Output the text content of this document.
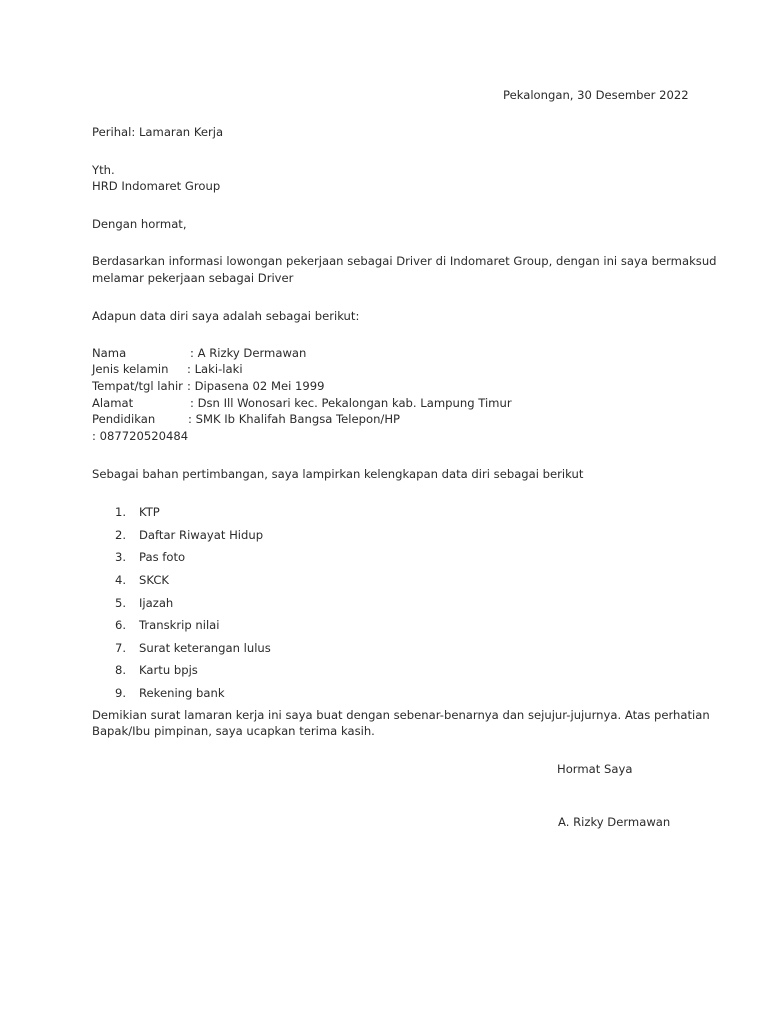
Pekalongan, 30 Desember 2022

Perihal: Lamaran Kerja

Yth.

HRD Indomaret Group

Dengan hormat,

Berdasarkan informasi lowongan pekerjaan sebagai Driver di Indomaret Group, dengan ini saya bermaksud

melamar pekerjaan sebagai Driver

Adapun data diri saya adalah sebagai berikut:

Nama	: A Rizky Dermawan

Jenis kelamin : Laki-laki

Tempat/tgl lahir : Dipasena 02 Mei 1999

Alamat	: Dsn Ill Wonosari kec. Pekalongan kab. Lampung Timur

Pendidikan	: SMK Ib Khalifah Bangsa Telepon/HP

: 087720520484

Sebagai bahan pertimbangan, saya lampirkan kelengkapan data diri sebagai berikut

1. KTP
2. Daftar Riwayat Hidup
3. Pas foto
4. SKCK
5. Ijazah
6. Transkrip nilai
7. Surat keterangan lulus
8. Kartu bpjs
9. Rekening bank

Demikian surat lamaran kerja ini saya buat dengan sebenar-benarnya dan sejujur-jujurnya. Atas perhatian

Bapak/Ibu pimpinan, saya ucapkan terima kasih.

Hormat Saya

A. Rizky Dermawan
